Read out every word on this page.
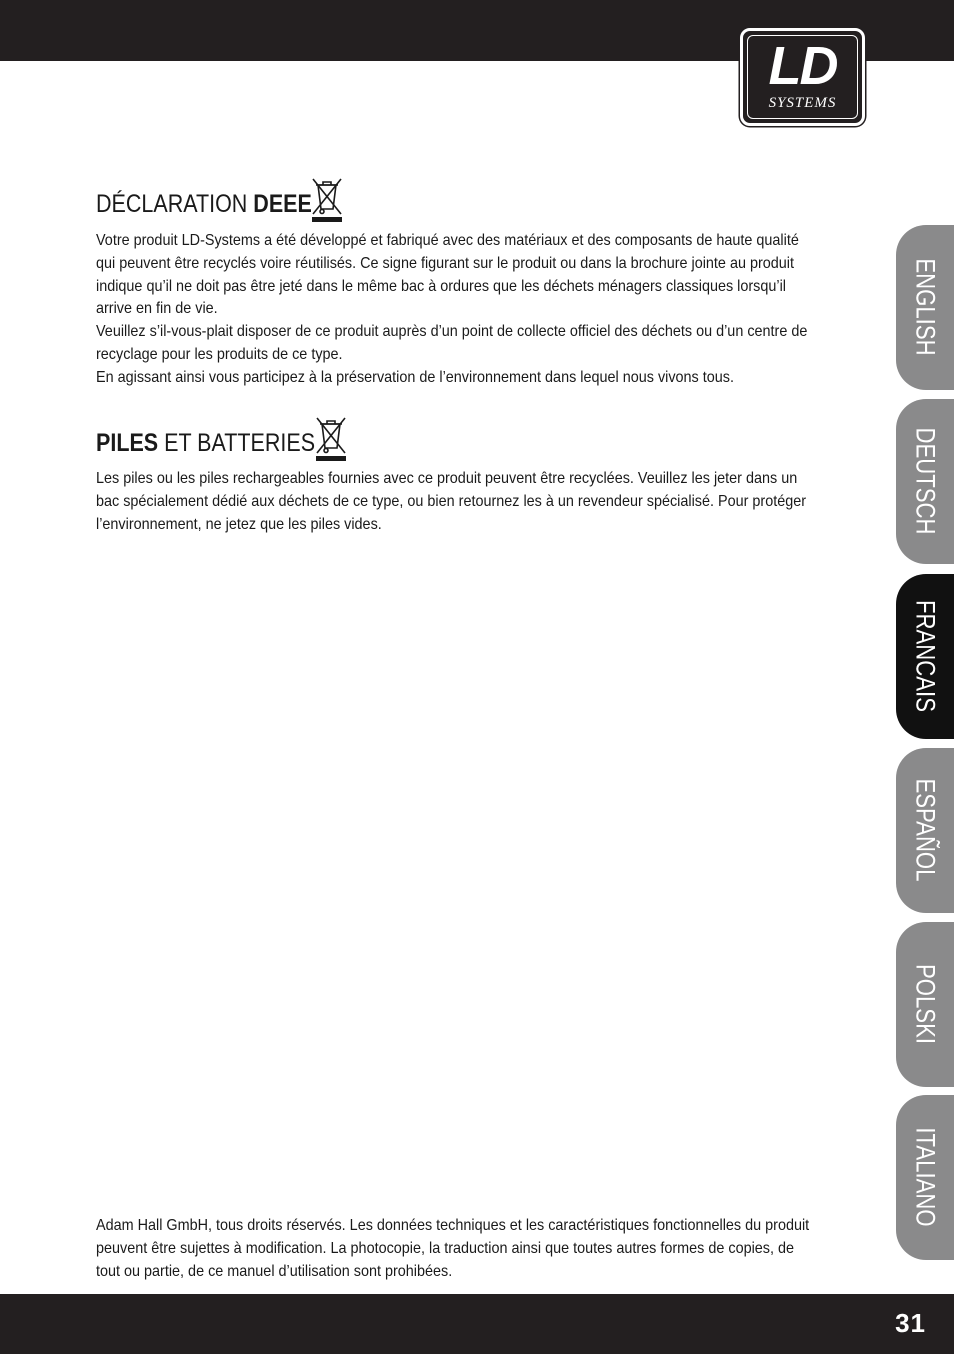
LD
SYSTEMS
DÉCLARATION DEEE

Votre produit LD-Systems a été développé et fabriqué avec des matériaux et des composants de haute qualité

qui peuvent être recyclés voire réutilisés. Ce signe figurant sur le produit ou dans la brochure jointe au produit

indique qu’il ne doit pas être jeté dans le même bac à ordures que les déchets ménagers classiques lorsqu’il

arrive en fin de vie.

Veuillez s’il-vous-plait disposer de ce produit auprès d’un point de collecte officiel des déchets ou d’un centre de

recyclage pour les produits de ce type.

En agissant ainsi vous participez à la préservation de l’environnement dans lequel nous vivons tous.

PILES ET BATTERIES

Les piles ou les piles rechargeables fournies avec ce produit peuvent être recyclées. Veuillez les jeter dans un

bac spécialement dédié aux déchets de ce type, ou bien retournez les à un revendeur spécialisé. Pour protéger

l’environnement, ne jetez que les piles vides.

Adam Hall GmbH, tous droits réservés. Les données techniques et les caractéristiques fonctionnelles du produit

peuvent être sujettes à modification. La photocopie, la traduction ainsi que toutes autres formes de copies, de

tout ou partie, de ce manuel d’utilisation sont prohibées.

ENGLISH
DEUTSCH
FRANCAIS
ESPAÑOL
POLSKI
ITALIANO
31
